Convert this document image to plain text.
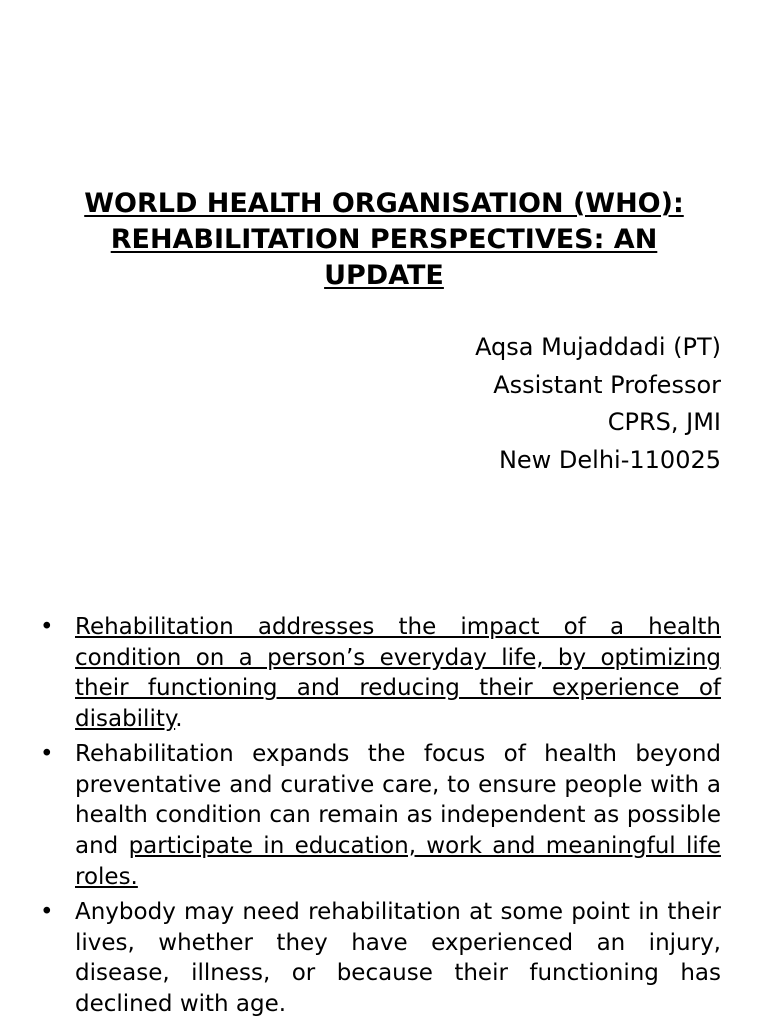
WORLD HEALTH ORGANISATION (WHO): REHABILITATION PERSPECTIVES: AN UPDATE
Aqsa Mujaddadi (PT)
Assistant Professor
CPRS, JMI
New Delhi-110025
• Rehabilitation addresses the impact of a health condition on a person’s everyday life, by optimizing their functioning and reducing their experience of disability.
• Rehabilitation expands the focus of health beyond preventative and curative care, to ensure people with a health condition can remain as independent as possible and participate in education, work and meaningful life roles.
• Anybody may need rehabilitation at some point in their lives, whether they have experienced an injury, disease, illness, or because their functioning has declined with age.
